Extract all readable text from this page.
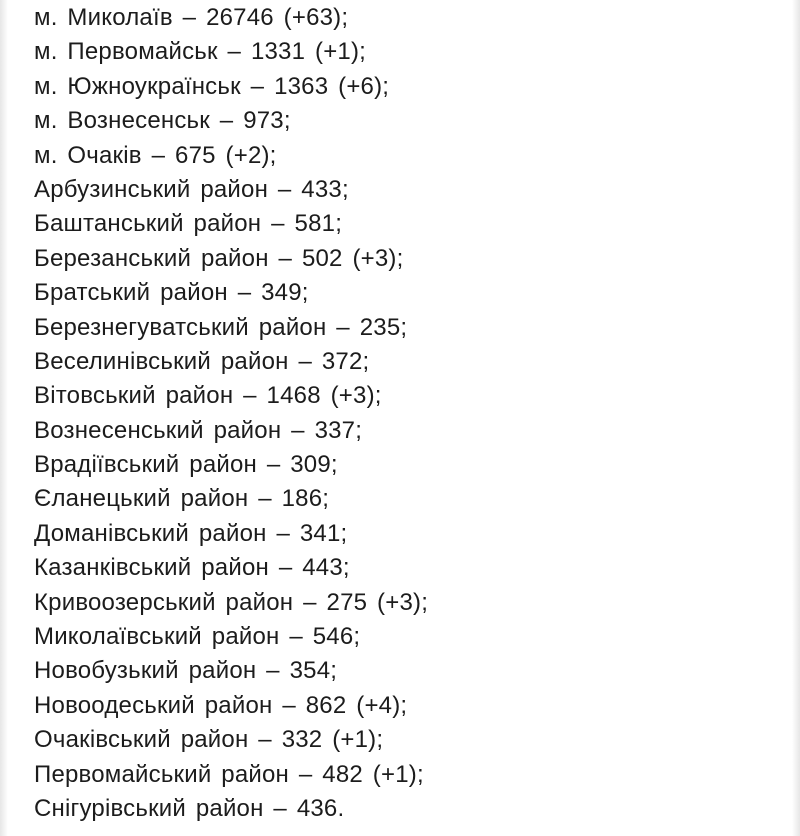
м. Миколаїв – 26746 (+63);
м. Первомайськ – 1331 (+1);
м. Южноукраїнськ – 1363 (+6);
м. Вознесенськ – 973;
м. Очаків – 675 (+2);
Арбузинський район – 433;
Баштанський район – 581;
Березанський район – 502 (+3);
Братський район – 349;
Березнегуватський район – 235;
Веселинівський район – 372;
Вітовський район – 1468 (+3);
Вознесенський район – 337;
Врадіївський район – 309;
Єланецький район – 186;
Доманівський район – 341;
Казанківський район – 443;
Кривоозерський район – 275 (+3);
Миколаївський район – 546;
Новобузький район – 354;
Новоодеський район – 862 (+4);
Очаківський район – 332 (+1);
Первомайський район – 482 (+1);
Снігурівський район – 436.
